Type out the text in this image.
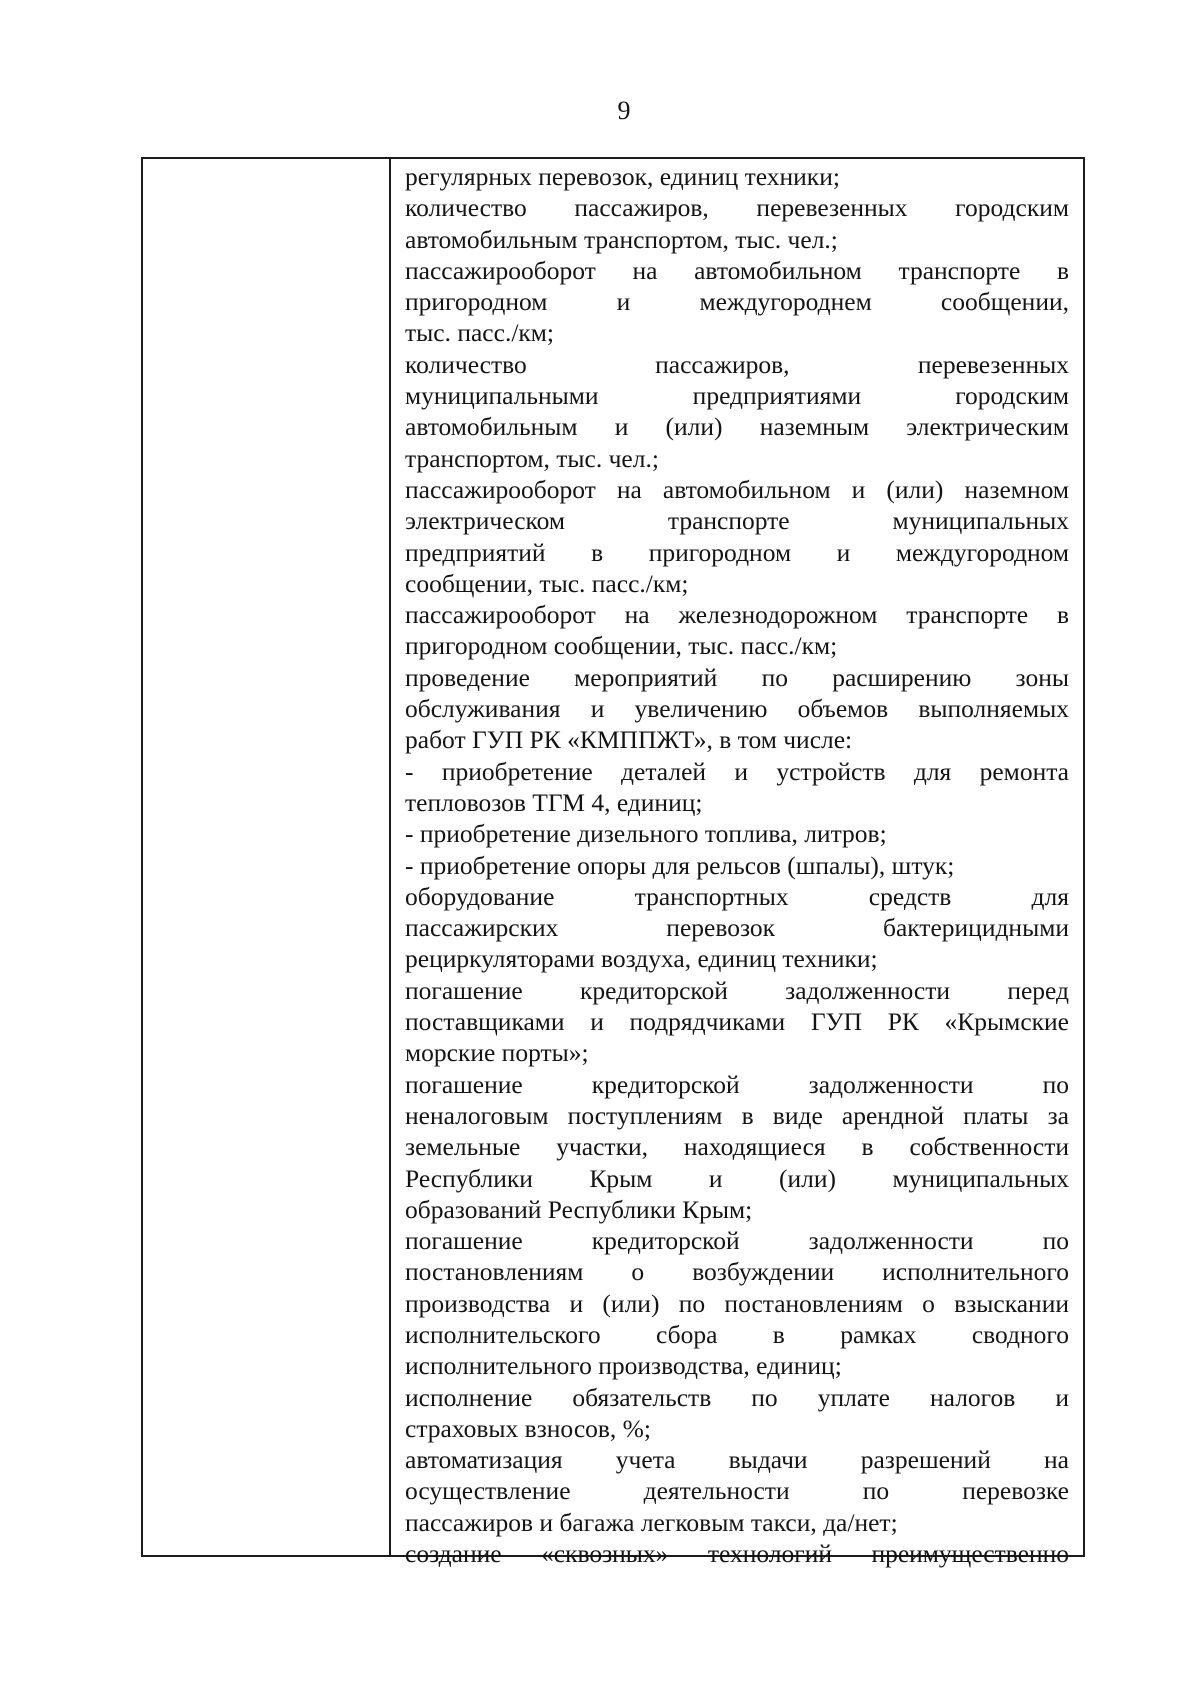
9
регулярных перевозок, единиц техники;
количество пассажиров, перевезенных городским
автомобильным транспортом, тыс. чел.;
пассажирооборот на автомобильном транспорте в
пригородном и междугороднем сообщении,
тыс. пасс./км;
количество пассажиров, перевезенных
муниципальными предприятиями городским
автомобильным и (или) наземным электрическим
транспортом, тыс. чел.;
пассажирооборот на автомобильном и (или) наземном
электрическом транспорте муниципальных
предприятий в пригородном и междугородном
сообщении, тыс. пасс./км;
пассажирооборот на железнодорожном транспорте в
пригородном сообщении, тыс. пасс./км;
проведение мероприятий по расширению зоны
обслуживания и увеличению объемов выполняемых
работ ГУП РК «КМППЖТ», в том числе:
- приобретение деталей и устройств для ремонта
тепловозов ТГМ 4, единиц;
- приобретение дизельного топлива, литров;
- приобретение опоры для рельсов (шпалы), штук;
оборудование транспортных средств для
пассажирских перевозок бактерицидными
рециркуляторами воздуха, единиц техники;
погашение кредиторской задолженности перед
поставщиками и подрядчиками ГУП РК «Крымские
морские порты»;
погашение кредиторской задолженности по
неналоговым поступлениям в виде арендной платы за
земельные участки, находящиеся в собственности
Республики Крым и (или) муниципальных
образований Республики Крым;
погашение кредиторской задолженности по
постановлениям о возбуждении исполнительного
производства и (или) по постановлениям о взыскании
исполнительского сбора в рамках сводного
исполнительного производства, единиц;
исполнение обязательств по уплате налогов и
страховых взносов, %;
автоматизация учета выдачи разрешений на
осуществление деятельности по перевозке
пассажиров и багажа легковым такси, да/нет;
создание «сквозных» технологий преимущественно
